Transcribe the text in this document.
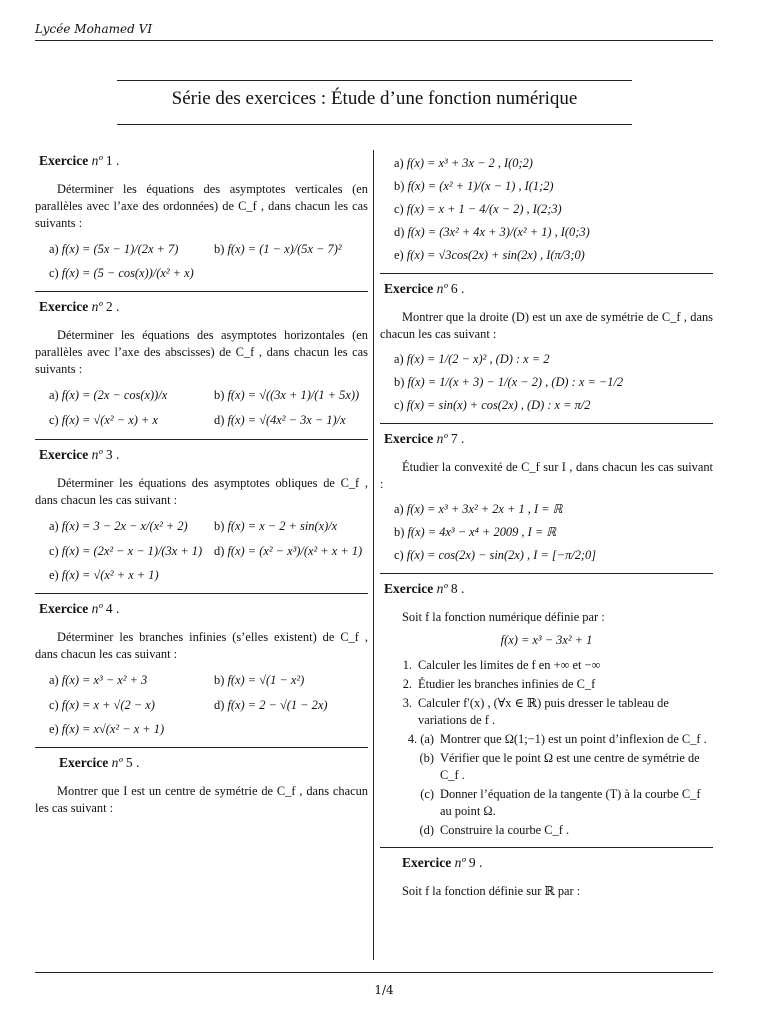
Lycée Mohamed VI
Série des exercices : Étude d’une fonction numérique
Exercice nº 1 .
Déterminer les équations des asymptotes verticales (en parallèles avec l’axe des ordonnées) de C_f , dans chacun les cas suivants :
a) f(x) = (5x − 1)/(2x + 7)	b) f(x) = (1 − x)/(5x − 7)²
c)
f(x) = (5 − cos(x))/(x² + x)
Exercice nº 2 .
Déterminer les équations des asymptotes horizontales (en parallèles avec l’axe des abscisses) de C_f , dans chacun les cas suivants :
a) f(x) = (2x − cos(x))/x	b) f(x) = √((3x + 1)/(1 + 5x))
c) f(x) = √(x² − x) + x	d) f(x) = √(4x² − 3x − 1)/x
Exercice nº 3 .
Déterminer les équations des asymptotes obliques de C_f , dans chacun les cas suivant :
a) f(x) = 3 − 2x − x/(x² + 2)	b) f(x) = x − 2 + sin(x)/x
c) f(x) = (2x² − x − 1)/(3x + 1) d) f(x) = (x² − x³)/(x² + x + 1)
e)
f(x) = √(x² + x + 1)
Exercice nº 4 .
Déterminer les branches infinies (s’elles existent) de C_f , dans chacun les cas suivant :
a) f(x) = x³ − x² + 3	b) f(x) = √(1 − x²)
c) f(x) = x + √(2 − x)	d) f(x) = 2 − √(1 − 2x)
e)
f(x) = x√(x² − x + 1)
Exercice nº 5 .
Montrer que I est un centre de symétrie de C_f , dans chacun les cas suivant :
a)
f(x) = x³ + 3x − 2 , I(0;2)
b)
f(x) = (x² + 1)/(x − 1) , I(1;2)
c)
f(x) = x + 1 − 4/(x − 2) , I(2;3)
d)
f(x) = (3x² + 4x + 3)/(x² + 1) , I(0;3)
e)
f(x) = √3cos(2x) + sin(2x) , I(π/3;0)
Exercice nº 6 .
Montrer que la droite (D) est un axe de symétrie de C_f , dans chacun les cas suivant :
a)
f(x) = 1/(2 − x)² , (D) : x = 2
b)
f(x) = 1/(x + 3) − 1/(x − 2) , (D) : x = −1/2
c)
f(x) = sin(x) + cos(2x) , (D) : x = π/2
Exercice nº 7 .
Étudier la convexité de C_f sur I , dans chacun les cas suivant :
a)
f(x) = x³ + 3x² + 2x + 1 , I = ℝ
b)
f(x) = 4x³ − x⁴ + 2009 , I = ℝ
c)
f(x) = cos(2x) − sin(2x) , I = [−π/2;0]
Exercice nº 8 .
Soit f la fonction numérique définie par :
f(x) = x³ − 3x² + 1
1. Calculer les limites de f en +∞ et −∞
2. Étudier les branches infinies de C_f
3. Calculer f′(x) , (∀x ∈ ℝ) puis dresser le tableau de variations de f .
4. (a) Montrer que Ω(1;−1) est un point d’inflexion de C_f .
(b) Vérifier que le point Ω est une centre de symétrie de C_f .
(c) Donner l’équation de la tangente (T) à la courbe C_f au point Ω.
(d) Construire la courbe C_f .
Exercice nº 9 .
Soit f la fonction définie sur ℝ par :
1/4
